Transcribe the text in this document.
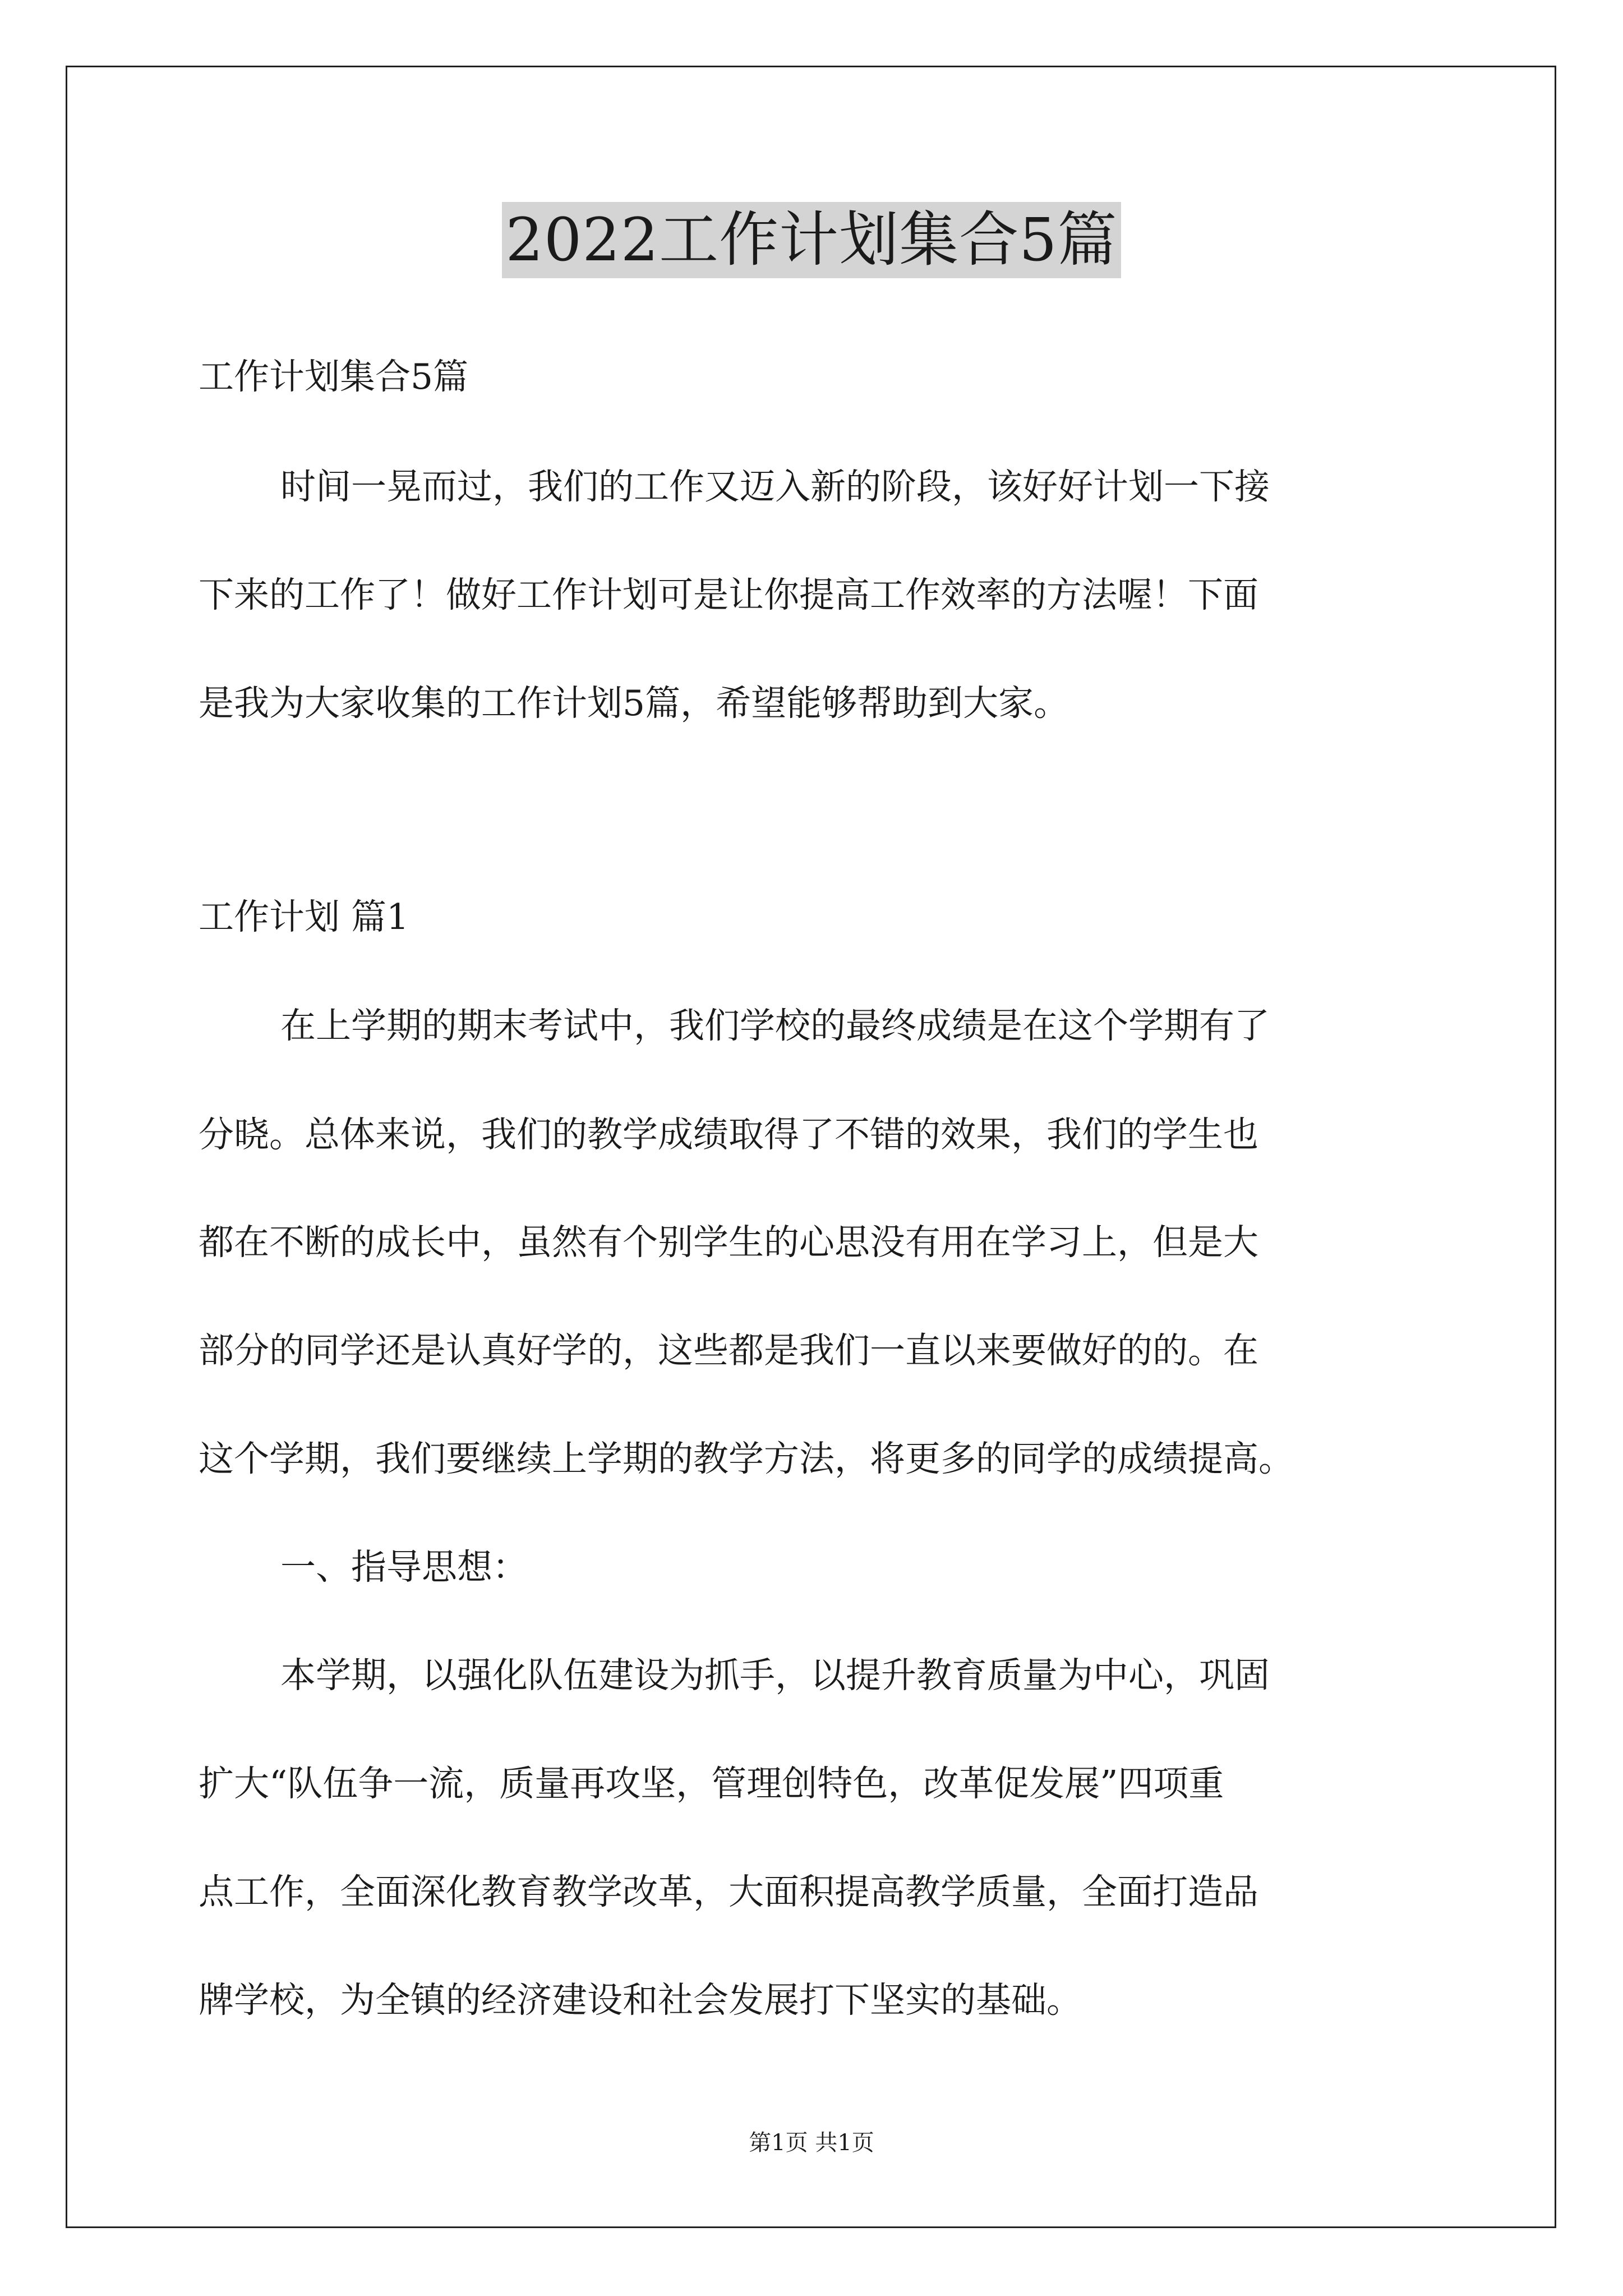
2022工作计划集合5篇
工作计划集合5篇
时间一晃而过，我们的工作又迈入新的阶段，该好好计划一下接
下来的工作了！做好工作计划可是让你提高工作效率的方法喔！下面
是我为大家收集的工作计划5篇，希望能够帮助到大家。
工作计划 篇1
在上学期的期末考试中，我们学校的最终成绩是在这个学期有了
分晓。总体来说，我们的教学成绩取得了不错的效果，我们的学生也
都在不断的成长中，虽然有个别学生的心思没有用在学习上，但是大
部分的同学还是认真好学的，这些都是我们一直以来要做好的的。在
这个学期，我们要继续上学期的教学方法，将更多的同学的成绩提高。
一、指导思想：
本学期，以强化队伍建设为抓手，以提升教育质量为中心，巩固
扩大“队伍争一流，质量再攻坚，管理创特色，改革促发展”四项重
点工作，全面深化教育教学改革，大面积提高教学质量，全面打造品
牌学校，为全镇的经济建设和社会发展打下坚实的基础。
第1页 共1页
